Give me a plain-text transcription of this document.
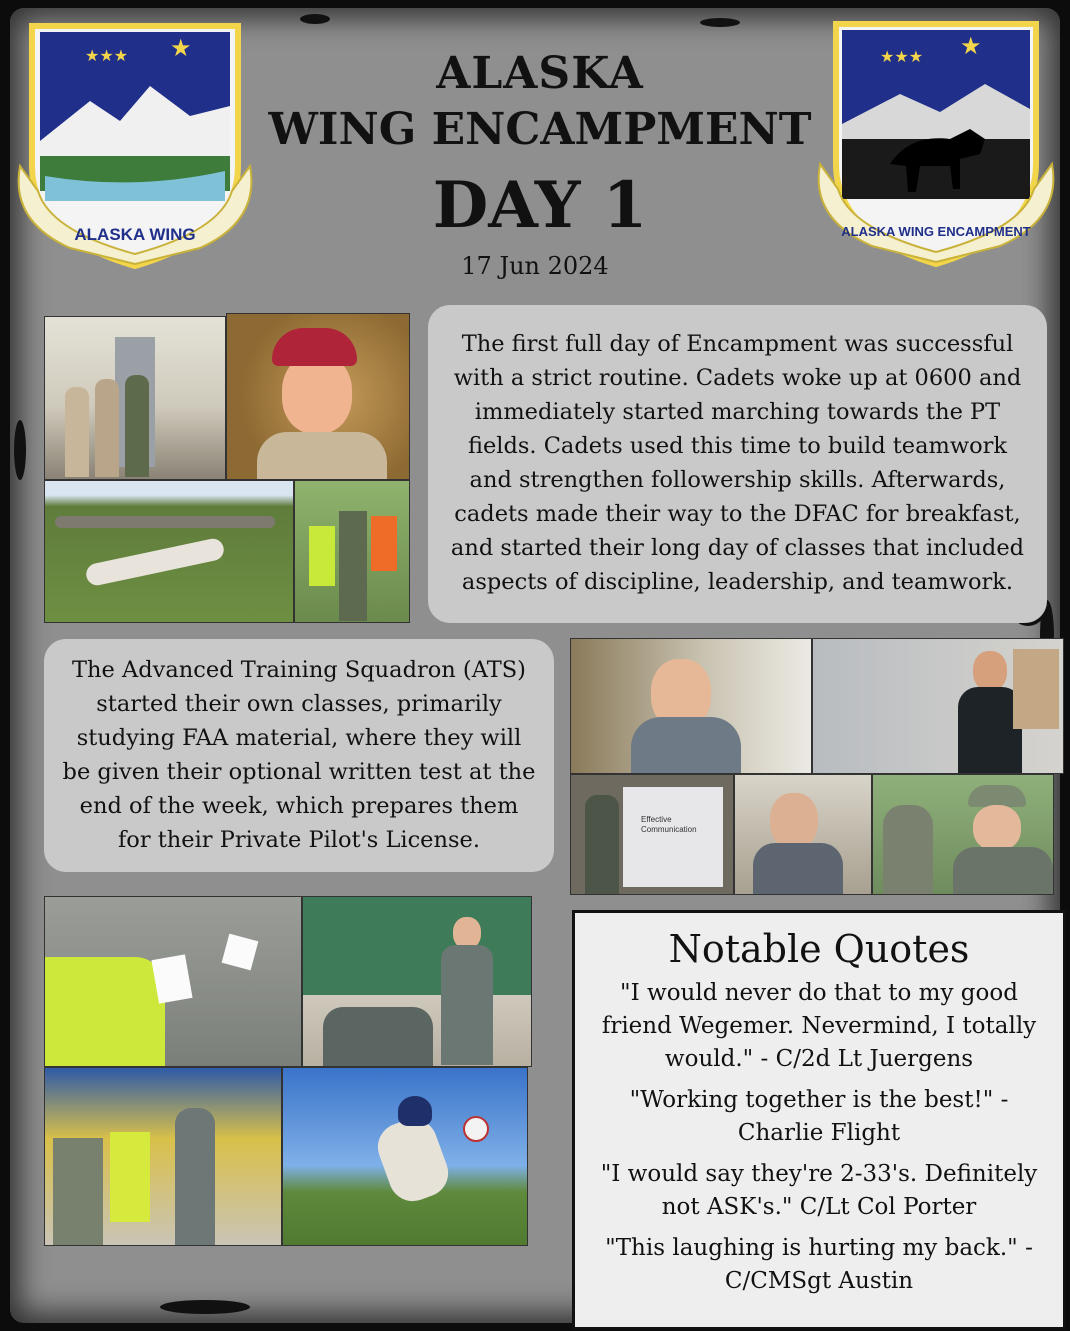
★★★ ★
ALASKA WING
★★★ ★
ALASKA WING ENCAMPMENT
ALASKA
WING ENCAMPMENT
DAY 1
17 Jun 2024

The first full day of Encampment was successful with a strict routine. Cadets woke up at 0600 and immediately started marching towards the PT fields. Cadets used this time to build teamwork and strengthen followership skills. Afterwards, cadets made their way to the DFAC for breakfast, and started their long day of classes that included aspects of discipline, leadership, and teamwork.

The Advanced Training Squadron (ATS) started their own classes, primarily studying FAA material, where they will be given their optional written test at the end of the week, which prepares them for their Private Pilot's License.

Effective Communication
Notable Quotes

"I would never do that to my good friend Wegemer. Nevermind, I totally would." - C/2d Lt Juergens

"Working together is the best!" - Charlie Flight

"I would say they're 2-33's. Definitely not ASK's." C/Lt Col Porter

"This laughing is hurting my back." - C/CMSgt Austin
